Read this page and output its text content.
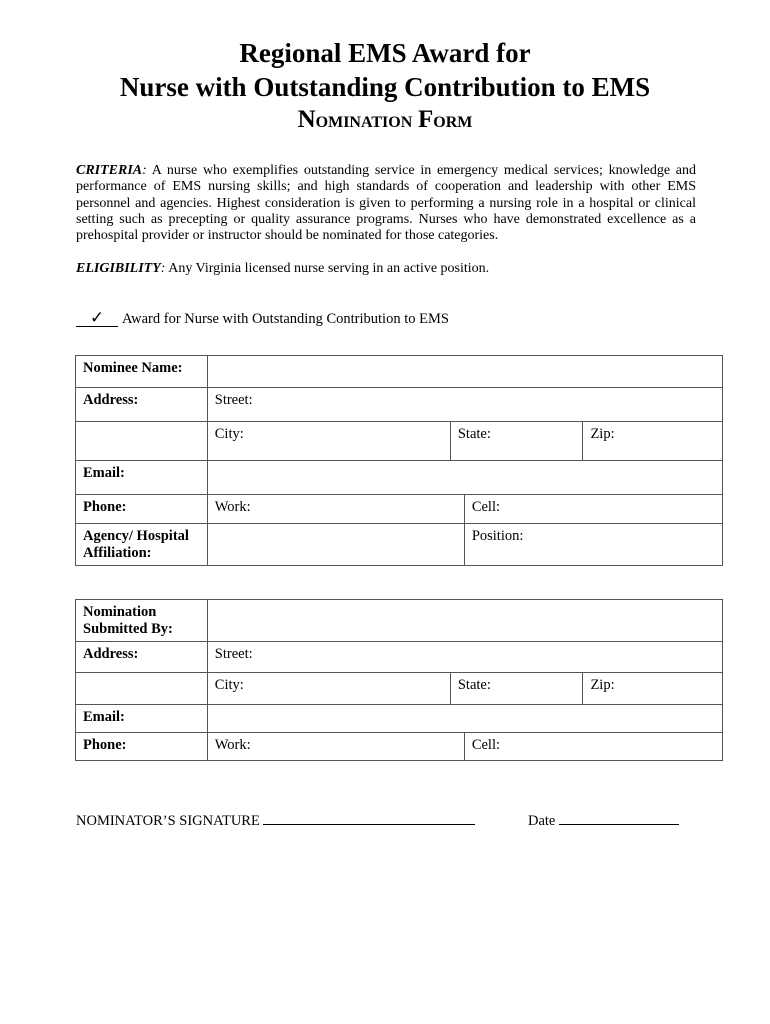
Regional EMS Award for
Nurse with Outstanding Contribution to EMS
Nomination Form
CRITERIA: A nurse who exemplifies outstanding service in emergency medical services; knowledge and performance of EMS nursing skills; and high standards of cooperation and leadership with other EMS personnel and agencies. Highest consideration is given to performing a nursing role in a hospital or clinical setting such as precepting or quality assurance programs. Nurses who have demonstrated excellence as a prehospital provider or instructor should be nominated for those categories.
ELIGIBILITY: Any Virginia licensed nurse serving in an active position.
✓ Award for Nurse with Outstanding Contribution to EMS
Nominee Name:				
Address:	Street:			
	City:	State:		Zip:
Email:				
Phone:	Work:		Cell:	
Agency/ Hospital Affiliation:			Position:	
Nomination Submitted By:				
Address:	Street:			
	City:	State:		Zip:
Email:				
Phone:	Work:		Cell:	
NOMINATOR’S SIGNATURE	Date
